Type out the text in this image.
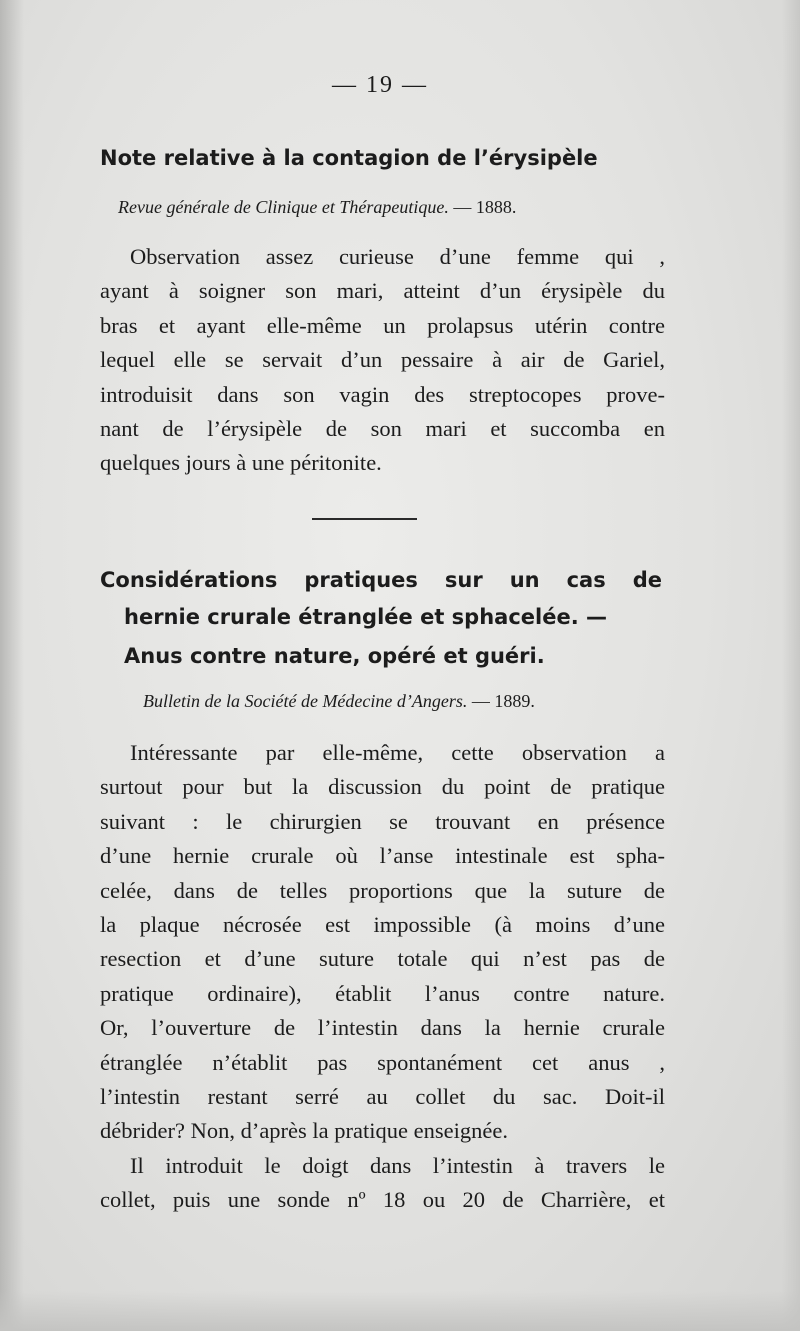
— 19 —
Note relative à la contagion de l’érysipèle
Revue générale de Clinique et Thérapeutique. — 1888.
Observation assez curieuse d’une femme qui ,
ayant à soigner son mari, atteint d’un érysipèle du
bras et ayant elle-même un prolapsus utérin contre
lequel elle se servait d’un pessaire à air de Gariel,
introduisit dans son vagin des streptocopes prove-
nant de l’érysipèle de son mari et succomba en
quelques jours à une péritonite.
Considérations pratiques sur un cas de
hernie crurale étranglée et sphacelée. —
Anus contre nature, opéré et guéri.
Bulletin de la Société de Médecine d’Angers. — 1889.
Intéressante par elle-même, cette observation a
surtout pour but la discussion du point de pratique
suivant : le chirurgien se trouvant en présence
d’une hernie crurale où l’anse intestinale est spha-
celée, dans de telles proportions que la suture de
la plaque nécrosée est impossible (à moins d’une
resection et d’une suture totale qui n’est pas de
pratique ordinaire), établit l’anus contre nature.
Or, l’ouverture de l’intestin dans la hernie crurale
étranglée n’établit pas spontanément cet anus ,
l’intestin restant serré au collet du sac. Doit-il
débrider? Non, d’après la pratique enseignée.
Il introduit le doigt dans l’intestin à travers le
collet, puis une sonde nº 18 ou 20 de Charrière, et
